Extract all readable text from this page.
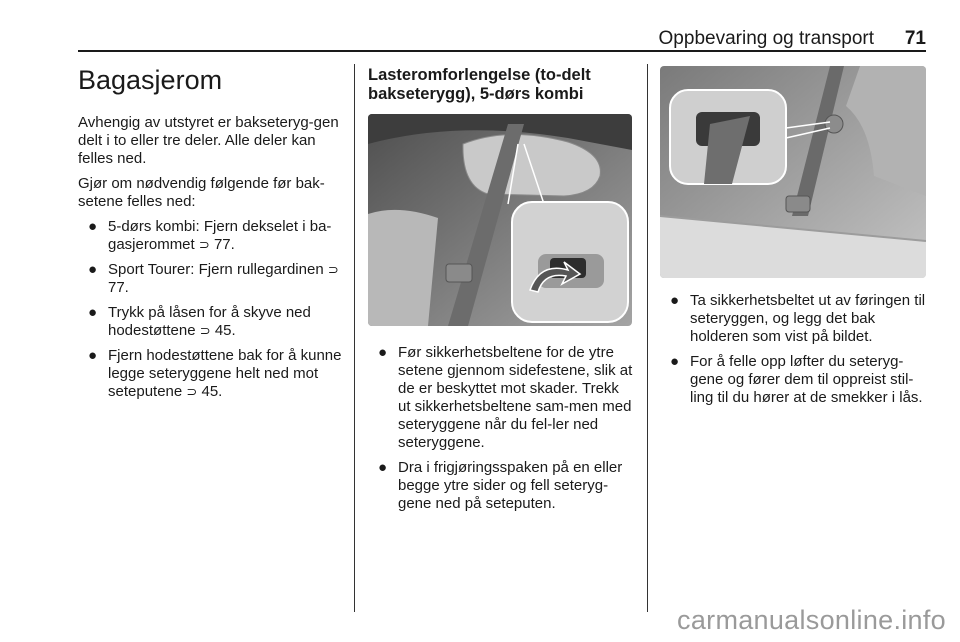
Oppbevaring og transport 71
Bagasjerom

Avhengig av utstyret er bakseteryg-gen delt i to eller tre deler. Alle deler kan felles ned.

Gjør om nødvendig følgende før bak-setene felles ned:

● 5-dørs kombi: Fjern dekselet i ba-gasjerommet ⊃ 77.
● Sport Tourer: Fjern rullegardinen ⊃ 77.
● Trykk på låsen for å skyve ned hodestøttene ⊃ 45.
● Fjern hodestøttene bak for å kunne legge seteryggene helt ned mot seteputene ⊃ 45.
Lasteromforlengelse (to-delt bakseterygg), 5-dørs kombi
● Før sikkerhetsbeltene for de ytre setene gjennom sidefestene, slik at de er beskyttet mot skader. Trekk ut sikkerhetsbeltene sam-men med seteryggene når du fel-ler ned seteryggene.
● Dra i frigjøringsspaken på en eller begge ytre sider og fell seteryg-gene ned på seteputen.
● Ta sikkerhetsbeltet ut av føringen til seteryggen, og legg det bak holderen som vist på bildet.
● For å felle opp løfter du seteryg-gene og fører dem til oppreist stil-ling til du hører at de smekker i lås.
carmanualsonline.info
